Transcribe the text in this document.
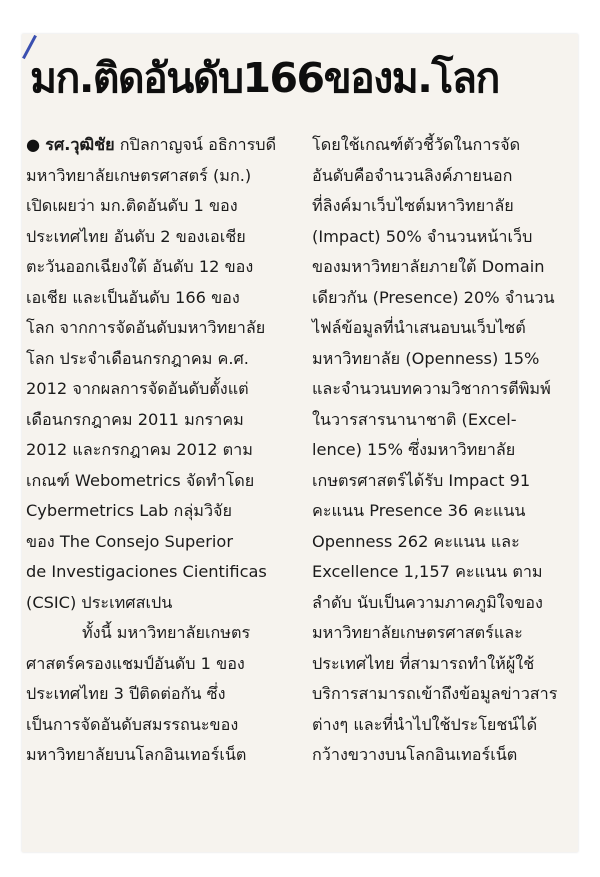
มก.ติดอันดับ166ของม.โลก
● รศ.วุฒิชัย กปิลกาญจน์ อธิการบดี
มหาวิทยาลัยเกษตรศาสตร์ (มก.)
เปิดเผยว่า มก.ติดอันดับ 1 ของ
ประเทศไทย อันดับ 2 ของเอเชีย
ตะวันออกเฉียงใต้ อันดับ 12 ของ
เอเชีย และเป็นอันดับ 166 ของ
โลก จากการจัดอันดับมหาวิทยาลัย
โลก ประจำเดือนกรกฎาคม ค.ศ.
2012 จากผลการจัดอันดับตั้งแต่
เดือนกรกฎาคม 2011 มกราคม
2012 และกรกฎาคม 2012 ตาม
เกณฑ์ Webometrics จัดทำโดย
Cybermetrics Lab กลุ่มวิจัย
ของ The Consejo Superior
de Investigaciones Cientificas
(CSIC) ประเทศสเปน
ทั้งนี้ มหาวิทยาลัยเกษตร
ศาสตร์ครองแชมป์อันดับ 1 ของ
ประเทศไทย 3 ปีติดต่อกัน ซึ่ง
เป็นการจัดอันดับสมรรถนะของ
มหาวิทยาลัยบนโลกอินเทอร์เน็ต
โดยใช้เกณฑ์ตัวชี้วัดในการจัด
อันดับคือจำนวนลิงค์ภายนอก
ที่ลิงค์มาเว็บไซต์มหาวิทยาลัย
(Impact) 50% จำนวนหน้าเว็บ
ของมหาวิทยาลัยภายใต้ Domain
เดียวกัน (Presence) 20% จำนวน
ไฟล์ข้อมูลที่นำเสนอบนเว็บไซต์
มหาวิทยาลัย (Openness) 15%
และจำนวนบทความวิชาการตีพิมพ์
ในวารสารนานาชาติ (Excel-
lence) 15% ซึ่งมหาวิทยาลัย
เกษตรศาสตร์ได้รับ Impact 91
คะแนน Presence 36 คะแนน
Openness 262 คะแนน และ
Excellence 1,157 คะแนน ตาม
ลำดับ นับเป็นความภาคภูมิใจของ
มหาวิทยาลัยเกษตรศาสตร์และ
ประเทศไทย ที่สามารถทำให้ผู้ใช้
บริการสามารถเข้าถึงข้อมูลข่าวสาร
ต่างๆ และที่นำไปใช้ประโยชน์ได้
กว้างขวางบนโลกอินเทอร์เน็ต
